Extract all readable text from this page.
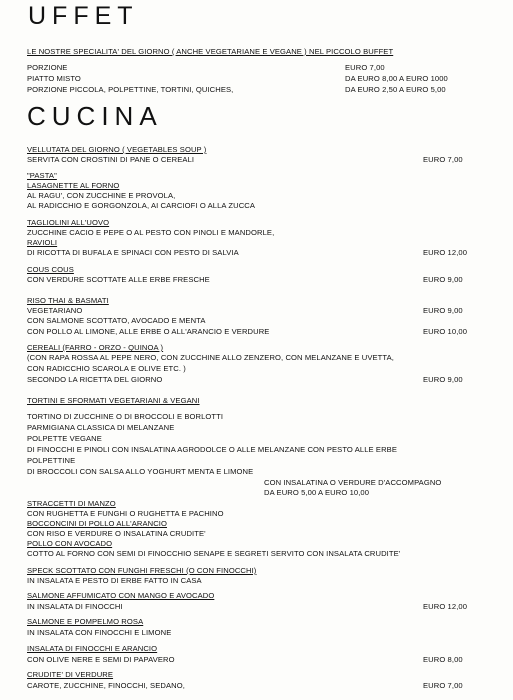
UFFET
LE NOSTRE SPECIALITA' DEL GIORNO ( ANCHE VEGETARIANE E VEGANE ) NEL PICCOLO BUFFET
PORZIONE	EURO 7,00
PIATTO MISTO	DA EURO 8,00 A EURO 1000
PORZIONE PICCOLA, POLPETTINE, TORTINI, QUICHES,	DA EURO 2,50 A EURO 5,00
CUCINA
VELLUTATA DEL GIORNO ( VEGETABLES SOUP )
SERVITA CON CROSTINI DI PANE O CEREALI	EURO 7,00
"PASTA"
LASAGNETTE AL FORNO
AL RAGU', CON ZUCCHINE E PROVOLA,
AL RADICCHIO E GORGONZOLA, AI CARCIOFI O ALLA ZUCCA
TAGLIOLINI ALL'UOVO
ZUCCHINE CACIO E PEPE O AL PESTO CON PINOLI E MANDORLE,
RAVIOLI
DI RICOTTA DI BUFALA E SPINACI CON PESTO DI SALVIA	EURO 12,00
COUS COUS
CON VERDURE SCOTTATE ALLE ERBE FRESCHE	EURO 9,00
RISO THAI & BASMATI
VEGETARIANO	EURO 9,00
CON SALMONE SCOTTATO, AVOCADO E MENTA
CON POLLO AL LIMONE, ALLE ERBE O ALL'ARANCIO E VERDURE	EURO 10,00
CEREALI (FARRO - ORZO - QUINOA )
(CON RAPA ROSSA AL PEPE NERO, CON ZUCCHINE ALLO ZENZERO, CON MELANZANE E UVETTA,
CON RADICCHIO SCAROLA E OLIVE ETC. )
SECONDO LA RICETTA DEL GIORNO	EURO 9,00
TORTINI E SFORMATI VEGETARIANI & VEGANI
TORTINO DI ZUCCHINE O DI BROCCOLI E BORLOTTI
PARMIGIANA CLASSICA DI MELANZANE
POLPETTE VEGANE
DI FINOCCHI E PINOLI CON INSALATINA AGRODOLCE O ALLE MELANZANE CON PESTO ALLE ERBE
POLPETTINE
DI BROCCOLI CON SALSA ALLO YOGHURT MENTA E LIMONE
CON INSALATINA O VERDURE D'ACCOMPAGNO
DA EURO 5,00 A EURO 10,00
STRACCETTI DI MANZO
CON RUGHETTA E FUNGHI O RUGHETTA E PACHINO
BOCCONCINI DI POLLO ALL'ARANCIO
CON RISO E VERDURE O INSALATINA CRUDITE'
POLLO CON AVOCADO
COTTO AL FORNO CON SEMI DI FINOCCHIO SENAPE E SEGRETI SERVITO CON INSALATA CRUDITE'
SPECK SCOTTATO CON FUNGHI FRESCHI (O CON FINOCCHI)
IN INSALATA E PESTO DI ERBE FATTO IN CASA
SALMONE AFFUMICATO CON MANGO E AVOCADO
IN INSALATA DI FINOCCHI	EURO 12,00
SALMONE E POMPELMO ROSA
IN INSALATA CON FINOCCHI E LIMONE
INSALATA DI FINOCCHI E ARANCIO
CON OLIVE NERE E SEMI DI PAPAVERO	EURO 8,00
CRUDITE' DI VERDURE
CAROTE, ZUCCHINE, FINOCCHI, SEDANO,	EURO 7,00
